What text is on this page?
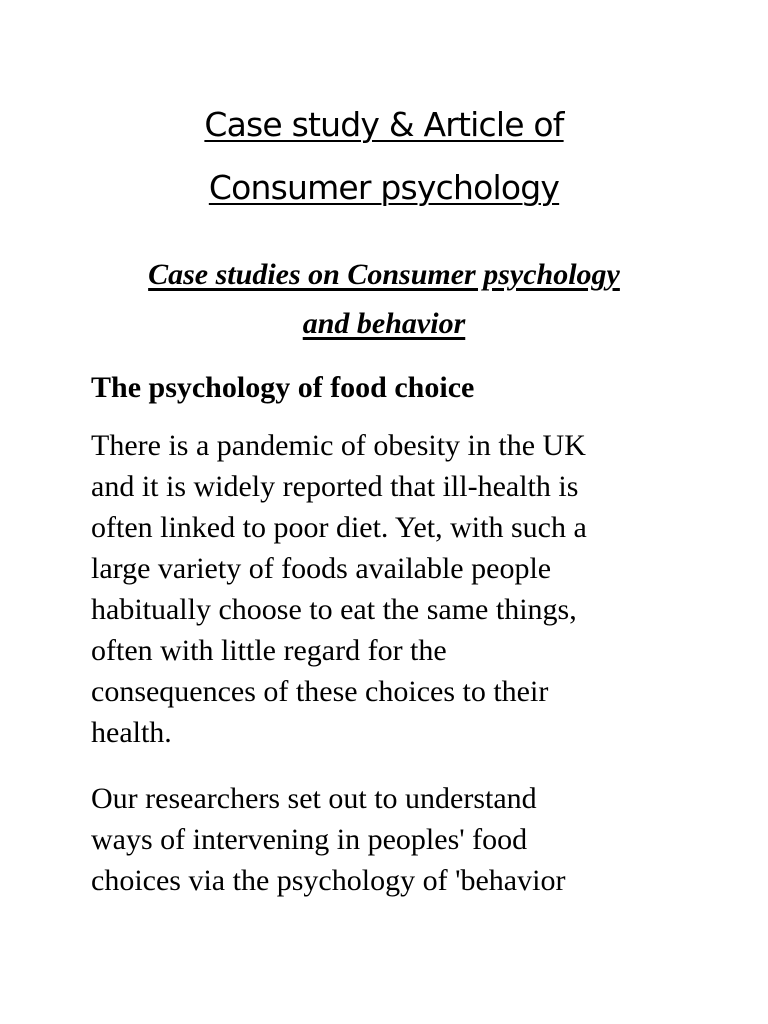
Case study & Article of
Consumer psychology
Case studies on Consumer psychology
and behavior
The psychology of food choice
There is a pandemic of obesity in the UK
and it is widely reported that ill-health is
often linked to poor diet. Yet, with such a
large variety of foods available people
habitually choose to eat the same things,
often with little regard for the
consequences of these choices to their
health.
Our researchers set out to understand
ways of intervening in peoples' food
choices via the psychology of 'behavior
